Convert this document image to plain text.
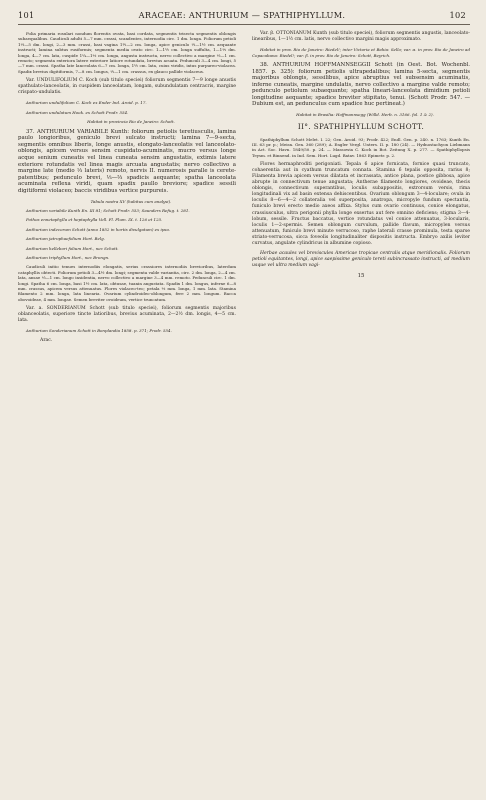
101	ARACEAE: ANTHURIUM — SPATHIPHYLLUM.	102

Folia primaria rosulari nondum florentis ovata, basi cordata, segmentis trisecta segmentis oblongis subaequalibus. Caudiculi adulti 5—7 mm. crassi, scandentes, internodia circ. 1 dm. longa. Foliorum petioli 1⅓—5 dm. longi, 2—3 mm. crassi, basi vagina 1½—2 cm. longa, apice geniculo ⅓—1½ cm. aequante instructi; lamina subtus rusiformis; segmenta media ovato circ. 1—1½ cm. longa suffulta, 1—1⅔ dm. longa, 4—7 cm. lata, cuspide 1¼—1⅔ cm. longa, angusta instructa, nervo collectivo a margine ⅓—1 cm. remoto; segmenta exteriora latere exteriore latiore rotundata, brevius acuata. Pedunculi 3—4 cm. longi, 5—7 mm. crassi. Spatha late lanceolata 6—7 cm. longa, 1½ cm. lata, cuius viridis, intus purpureo-violacea. Spadix brevius digitiformis, 7—8 cm. longus, ⅓—1 cm. crassus, ex glauco pallide violaceus.

Var. UNDULIFOLIUM C. Koch (sub titulo speciei) foliorum segmentis 7—9 longe anustis spathulato-lanceolatis, in cuspidem lanceolatam, longam, subundulatam centracris, margine crispato-undulatis.

Anthurium undulifolium C. Koch ex Ender Ind. Aroid. p. 17.

Anthurium undulatum Hook. ex Schott Prodr. 554.

Habitat in provincia Rio de Janeiro: Schott.

37. ANTHURIUM VARIABILE Kunth: foliorum petiolis teretiusculis, lamina paulo longioribus, geniculo brevi sulcato instructi; lamina 7—9-secta, segmentis omnibus liberis, longe anustis, elongato-lanceolatis vel lanceolato-oblongis, apicem versus sensim cuspidato-acuminatis, mucro versus longe acque senium cuneatis vel linea cuneata sensim angustatis, extimis latere exteriore rotundatis vel linea magis arcuata angustatis; nervo collectivo a margine late (medio ⅓ lateris) remoto, nervis II. numerosis paralle is cerete-patentibus; pedunculo brevi, ⅓—⅔ spadicis aequante; spatha lanceolata acuminata reflexa viridi, quam spadix paullo breviore; spadice sessili digitiformi violaceo; baccis viridibus vertice purpureis.

Tabula nostra XV (habitus cum analysi).

Anthurium variabile Kunth En. III 81; Schott Prodr. 553; Saunders Refug. t. 281.

Pothos ennetaphylla et heptaphylla Vell. Fl. Flum. IX. t. 126 et 125.

Anthurium indecorum Schott (anno 1852 in hortis divulgatum) ex ipso.

Anthurium jatrophaefolium Hort. Belg.

Anthurium hellebori folium Hort., nec Schott.

Anthurium triphyllum Hort., nec Brongn.

Caudiculi initio tenues internodiis elongatis, serius crassiores internodiis brevioribus, laterdum cataphyllis obtecti. Foliorum petioli 3—4½ dm. longi; segmenta valde variantia, circ. 2 dm. longa, 2—4 cm. lata, ansae ⅓—1 cm. longo insidentia, nervo collectivo a margine 3—4 mm. remoto. Pedunculi circ. 1 dm. longi. Spatha 6 cm. longa, basi 1½ cm. lata, obtusae, tuanin angustata. Spadix 1 dm. longus, inferne 6—8 mm. crassus, apicem versus attenuatus. Flores violaceo-teo; petala ⅔ mm. longa, 1 mm. lata. Stamina filamento 2 mm. longa, lata linearia. Ovarium cylindroideo-oblongum, fere 2 mm. longum. Bacca obovoideae, 4 mm. longae. Semen breviter ovoideum, vertice truncatum.

Var. a. SONDERIANUM Schott (sub titulo speciei), foliorum segmentis majoribus oblanceolatis, superiore tincte latioribus, brevius acuminata, 2—2½ dm. longis, 4—5 cm. lata.

Anthurium Sonderianum Schott in Bonplandia 1858. p. 371; Prodr. 554.

Arac.

Var. β. OTTONIANUM Kunth (sub titulo speciei), foliorum segmentis angustis, lanceolato-linearibus, 1—1½ cm. latis, nervo collectivo margini magis approximato.

Habitat in prov. Rio de Janeiro: Riedel!; inter Victoria et Bahia: Sello; var. α. in prov. Rio de Janeiro ad Copacabana: Riedel!; var. β. in prov. Rio de Janeiro: Schott, Beyrich.

38. ANTHURIUM HOFFMANNSEGGII Schott (in Oest. Bot. Wochenbl. 1857. p. 325): foliorum petiolis ultrapedalibus; lamina 5-secta, segmentis majoribus oblongis, sessilibus, apice abruptius vel subsensim acuminatis, inferne cuneatis, margine undulatis, nervo collectivo a margine valde remoto; pedunculo petiolum subaequante; spatha lineari-lanceolata dimidium petioli longitudine aequante; spadice breviter stipitato, tenui. (Schott Prodr. 547. — Dubium est, an pedunculus cum spadice huc pertineat.)

Habitat in Brasilia: Hoffmannsegg (Willd. Herb. n. 3166. fol. 1 & 2).

II°. SPATHIPHYLLUM SCHOTT.

Spathiphyllum Schott Melet. I. 22; Gen. Aroid. 93; Prodr. 422; Endl. Gen. p. 240. n. 1763; Kunth En. III. 63 pr. p.; Meisn. Gen. 360 (289); A. Engler Vergl. Unters. II. p. 180 (24). — Hydnostachyon Liebmann in Act. Soc. Havn. 1849/50. p. 24. — Massowia C. Koch in Bot. Zeitung X. p. 277. — Spathiphyllopsis Teysm. et Binnend. in Ind. Sem. Hort. Lugd. Batav. 1863 Epimetr. p. 2.

Flores hermaphroditi perigoniati. Tepala 6 apice fornicata, fornice quasi truncato, cohaerentia aut in cyathum truncatum connata. Stamina 6 tepalis opposita, rarius 8; Filamenta brevia apicem versus dilatata et incrassata, antice plana, postice gibbosa, apice abrupte in connectivum tenue angustata; Antherae filamento longiores, ovoideae, thecis oblongis, connectivum superantibus, loculis subappositis, extrorsum versis, rima longitudinali vix ad basin extensa dehiscentibus. Ovarium oblongum 3—4-loculare; ovula in loculis 8—6—4—2 collateralia vel superposita, anatropa, micropyle fundum spectantia, funiculo brevi erecto medio axeos affixa. Stylus cum ovario continuus, conice elongatus, crassiusculus, ultra perigonii phylla longe exsertus aut fere omnino deficiens; stigma 3—4-lobum, sessile. Fructus baccatus, vertice rotundatus vel conice attenuatus, 3-locularis, loculis 1—2-spermis. Semen oblongum curvulum, pallide flavum, micropylen versus attenuatum, funiculo brevi minute verrucoso, raphe laterali crasse prominula, testa sparse striato-verrucosa, sicca foveolis longitudinaliter dispositis instructa. Embryo axilis leviter curvatus, angulate cylindricus in albumine copioso.

Herbae acaules vel breviscules Americae tropicae centralis atque meridionalis. Foliorum petioli equitantes, longi, apice saepissime geniculo tereti subincrassato instructi, ad medium usque vel ultra medium vagi-

15
